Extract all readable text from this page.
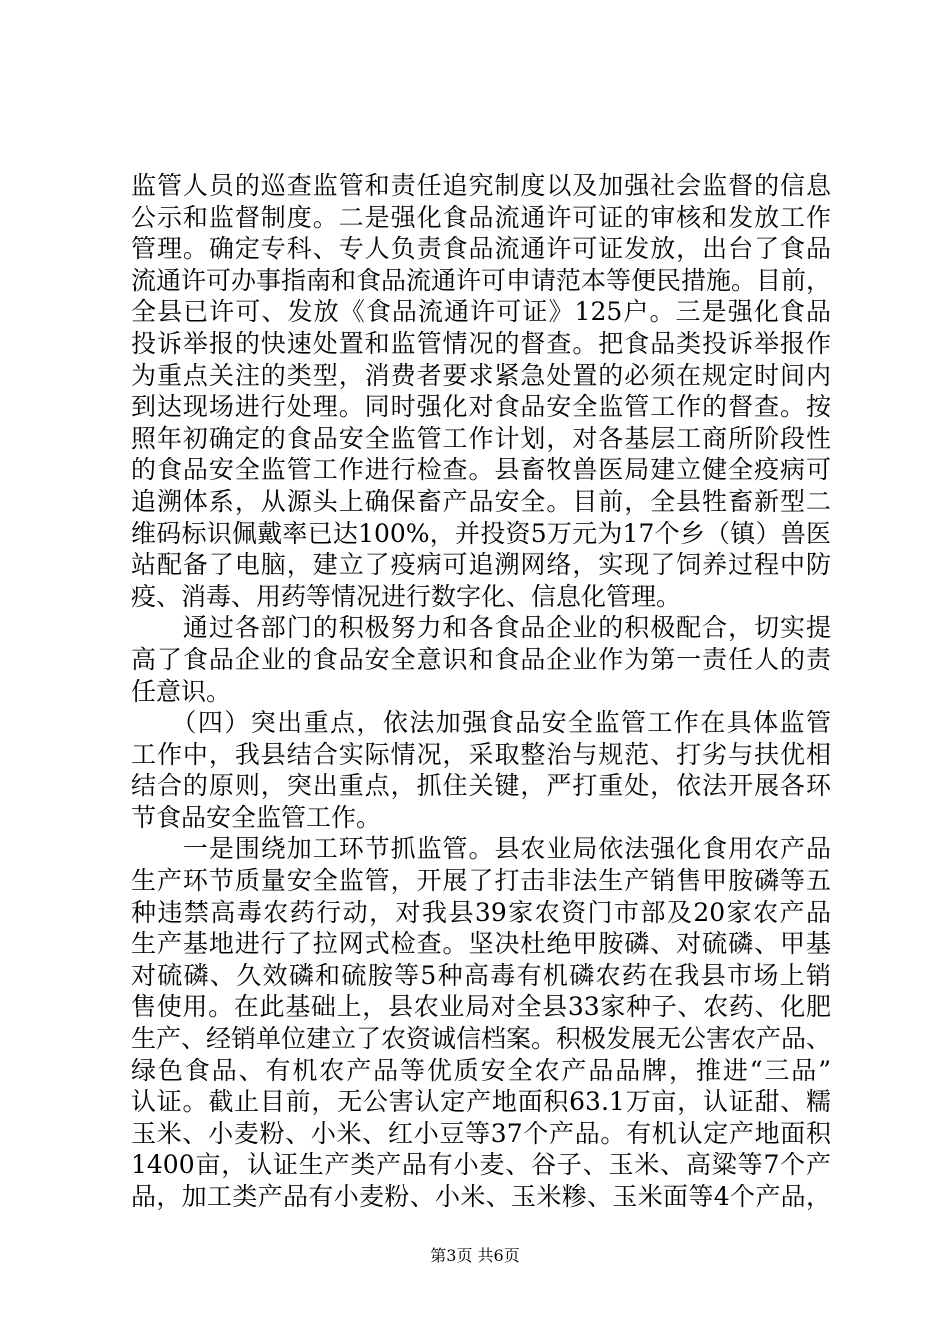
监管人员的巡查监管和责任追究制度以及加强社会监督的信息
公示和监督制度。二是强化食品流通许可证的审核和发放工作
管理。确定专科、专人负责食品流通许可证发放，出台了食品
流通许可办事指南和食品流通许可申请范本等便民措施。目前，
全县已许可、发放《食品流通许可证》125户。三是强化食品
投诉举报的快速处置和监管情况的督查。把食品类投诉举报作
为重点关注的类型，消费者要求紧急处置的必须在规定时间内
到达现场进行处理。同时强化对食品安全监管工作的督查。按
照年初确定的食品安全监管工作计划，对各基层工商所阶段性
的食品安全监管工作进行检查。县畜牧兽医局建立健全疫病可
追溯体系，从源头上确保畜产品安全。目前，全县牲畜新型二
维码标识佩戴率已达100%，并投资5万元为17个乡（镇）兽医
站配备了电脑，建立了疫病可追溯网络，实现了饲养过程中防
疫、消毒、用药等情况进行数字化、信息化管理。
　　通过各部门的积极努力和各食品企业的积极配合，切实提
高了食品企业的食品安全意识和食品企业作为第一责任人的责
任意识。
　　（四）突出重点，依法加强食品安全监管工作在具体监管
工作中，我县结合实际情况，采取整治与规范、打劣与扶优相
结合的原则，突出重点，抓住关键，严打重处，依法开展各环
节食品安全监管工作。
　　一是围绕加工环节抓监管。县农业局依法强化食用农产品
生产环节质量安全监管，开展了打击非法生产销售甲胺磷等五
种违禁高毒农药行动，对我县39家农资门市部及20家农产品
生产基地进行了拉网式检查。坚决杜绝甲胺磷、对硫磷、甲基
对硫磷、久效磷和硫胺等5种高毒有机磷农药在我县市场上销
售使用。在此基础上，县农业局对全县33家种子、农药、化肥
生产、经销单位建立了农资诚信档案。积极发展无公害农产品、
绿色食品、有机农产品等优质安全农产品品牌，推进“三品”
认证。截止目前，无公害认定产地面积63.1万亩，认证甜、糯
玉米、小麦粉、小米、红小豆等37个产品。有机认定产地面积
1400亩，认证生产类产品有小麦、谷子、玉米、高粱等7个产
品，加工类产品有小麦粉、小米、玉米糁、玉米面等4个产品，
第3页 共6页
